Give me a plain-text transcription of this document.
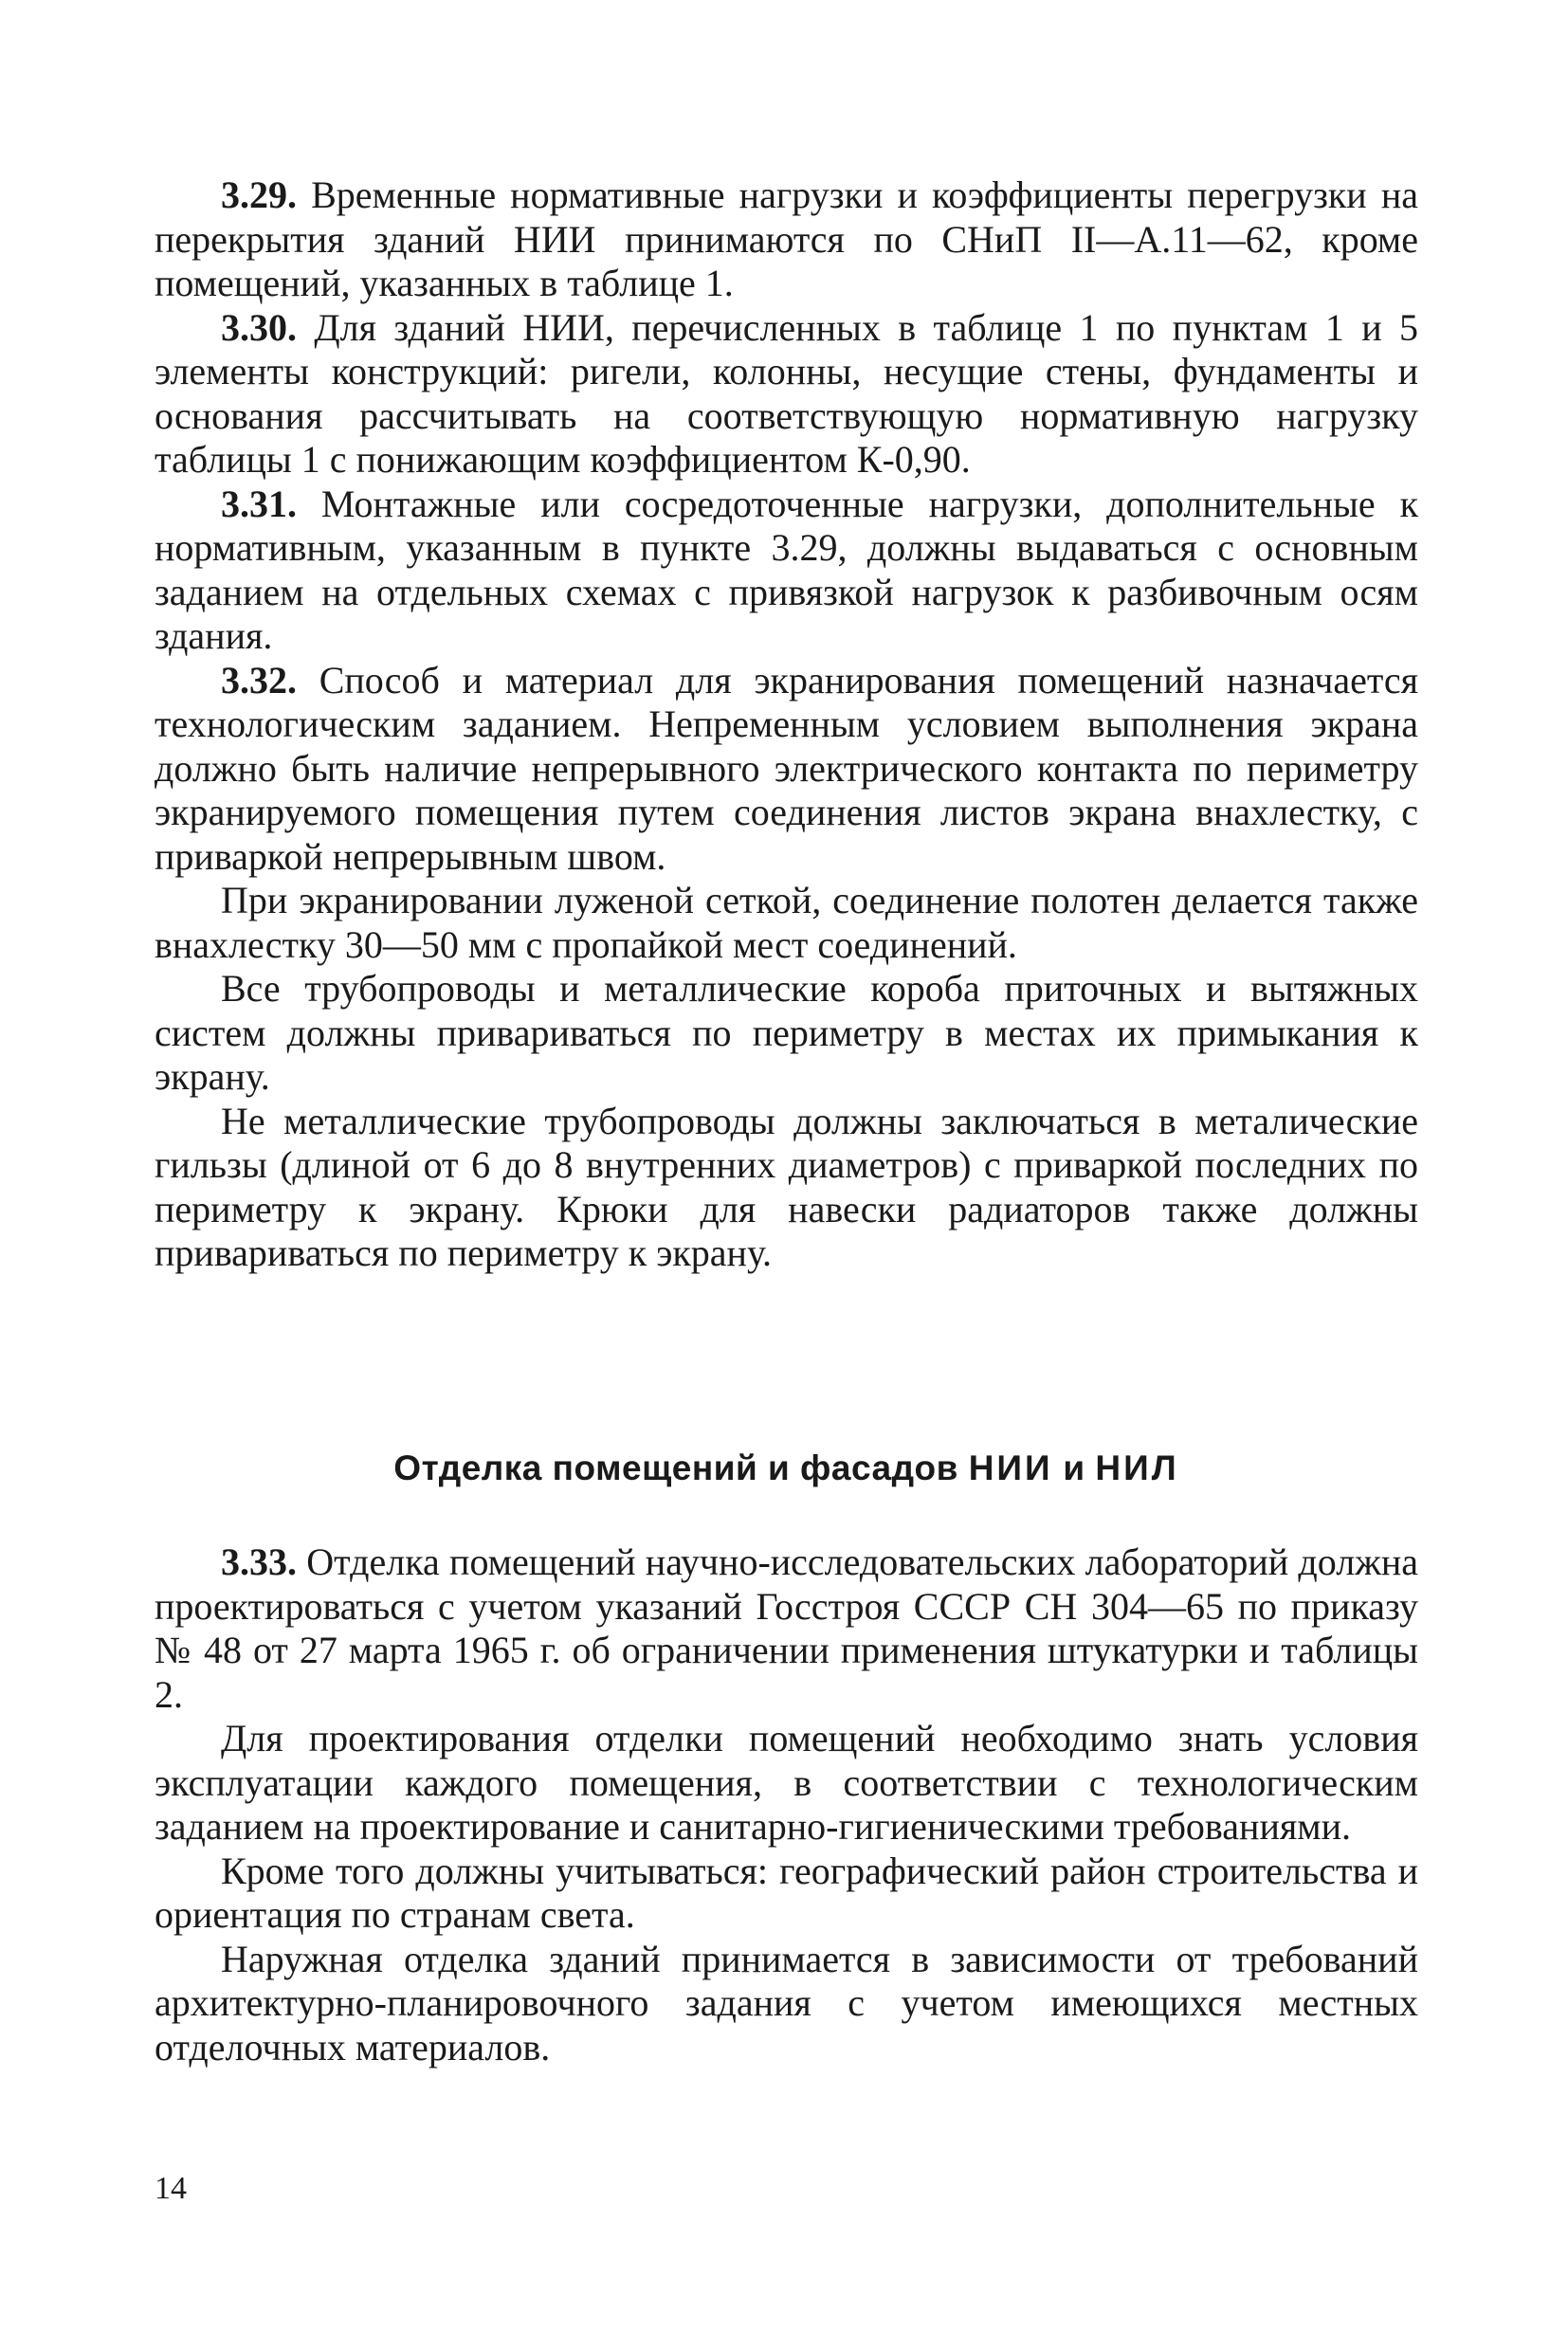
3.29. Временные нормативные нагрузки и коэффициенты перегрузки на перекрытия зданий НИИ принимаются по СНиП II—А.11—62, кроме помещений, указанных в таблице 1.

3.30. Для зданий НИИ, перечисленных в таблице 1 по пунктам 1 и 5 элементы конструкций: ригели, колонны, несущие стены, фундаменты и основания рассчитывать на соответствующую нормативную нагрузку таблицы 1 с понижающим коэффициентом К-0,90.

3.31. Монтажные или сосредоточенные нагрузки, дополнительные к нормативным, указанным в пункте 3.29, должны выдаваться с основным заданием на отдельных схемах с привязкой нагрузок к разбивочным осям здания.

3.32. Способ и материал для экранирования помещений назначается технологическим заданием. Непременным условием выполнения экрана должно быть наличие непрерывного электрического контакта по периметру экранируемого помещения путем соединения листов экрана внахлестку, с приваркой непрерывным швом.

При экранировании луженой сеткой, соединение полотен делается также внахлестку 30—50 мм с пропайкой мест соединений.

Все трубопроводы и металлические короба приточных и вытяжных систем должны привариваться по периметру в местах их примыкания к экрану.

Не металлические трубопроводы должны заключаться в металические гильзы (длиной от 6 до 8 внутренних диаметров) с приваркой последних по периметру к экрану. Крюки для навески радиаторов также должны привариваться по периметру к экрану.

Отделка помещений и фасадов НИИ и НИЛ

3.33. Отделка помещений научно-исследовательских лабораторий должна проектироваться с учетом указаний Госстроя СССР СН 304—65 по приказу № 48 от 27 марта 1965 г. об ограничении применения штукатурки и таблицы 2.

Для проектирования отделки помещений необходимо знать условия эксплуатации каждого помещения, в соответствии с технологическим заданием на проектирование и санитарно-гигиеническими требованиями.

Кроме того должны учитываться: географический район строительства и ориентация по странам света.

Наружная отделка зданий принимается в зависимости от требований архитектурно-планировочного задания с учетом имеющихся местных отделочных материалов.

14
